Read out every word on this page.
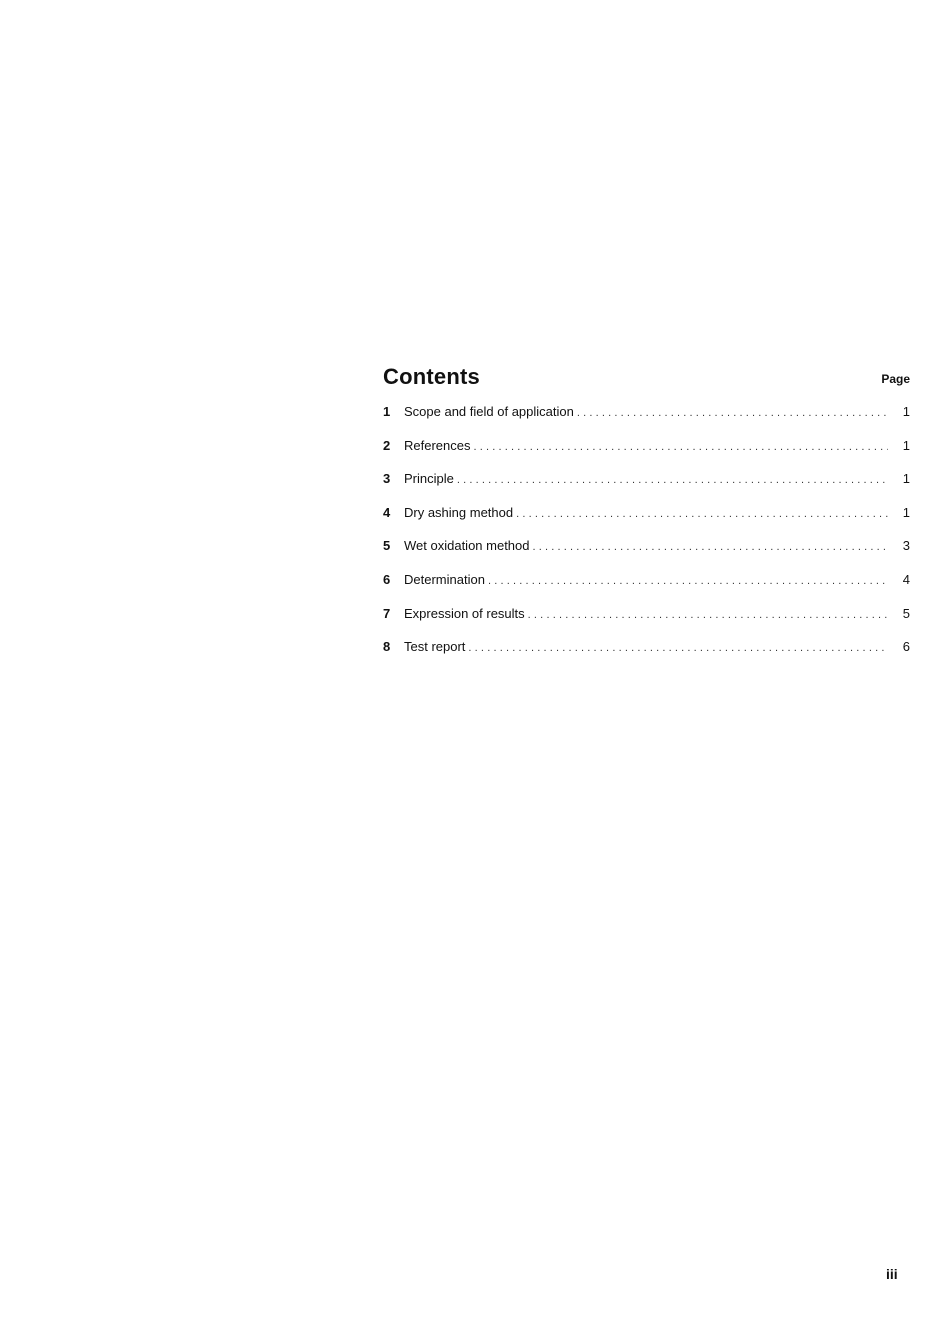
Contents	Page
1	Scope and field of application .....	1
2	References .....	1
3	Principle .....	1
4	Dry ashing method .....	1
5	Wet oxidation method .....	3
6	Determination .....	4
7	Expression of results .....	5
8	Test report .....	6
iii
